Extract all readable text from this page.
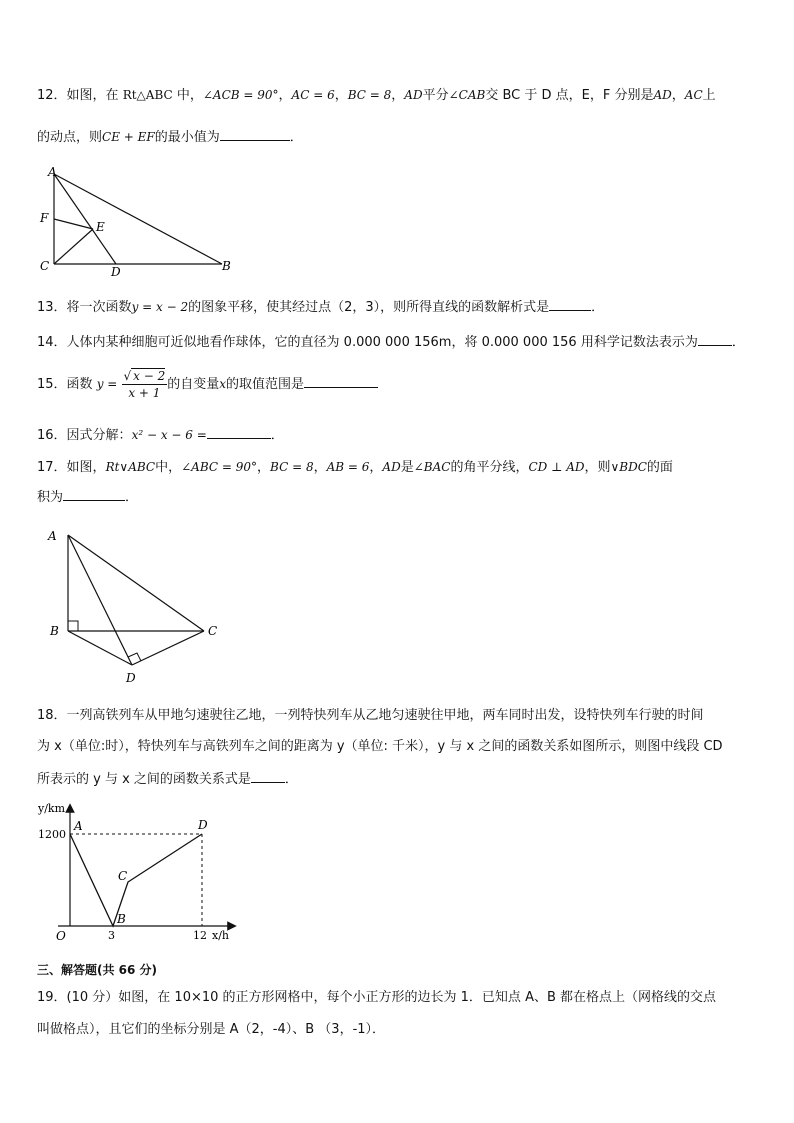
12．如图，在 Rt△ABC 中，∠ACB = 90°，AC = 6，BC = 8，AD平分∠CAB交 BC 于 D 点，E，F 分别是AD，AC上
的动点，则CE + EF的最小值为	．
A
F
E
C	D	B
13．将一次函数y = x − 2的图象平移，使其经过点（2，3），则所得直线的函数解析式是	．
14．人体内某种细胞可近似地看作球体，它的直径为 0.000 000 156m，将 0.000 000 156 用科学记数法表示为	．
15．函数 $y = \frac{√ x - 2}{x + 1}$ 的自变量x的取值范围是
16．因式分解：x² − x − 6 =	．
17．如图，Rt∨ABC中，∠ABC = 90°，BC = 8，AB = 6，AD是∠BAC的角平分线，CD ⊥ AD，则∨BDC的面
积为	．
A
B	C
D
18．一列高铁列车从甲地匀速驶往乙地，一列特快列车从乙地匀速驶往甲地，两车同时出发，设特快列车行驶的时间
为 x（单位:时），特快列车与高铁列车之间的距离为 y（单位: 千米），y 与 x 之间的函数关系如图所示，则图中线段 CD
所表示的 y 与 x 之间的函数关系式是	．
y/km
x/h
1200
3	12
O
A
B
C
D
三、解答题(共 66 分)
19．(10 分）如图，在 10×10 的正方形网格中，每个小正方形的边长为 1．已知点 A、B 都在格点上（网格线的交点
叫做格点），且它们的坐标分别是 A（2，-4）、B （3，-1）．
